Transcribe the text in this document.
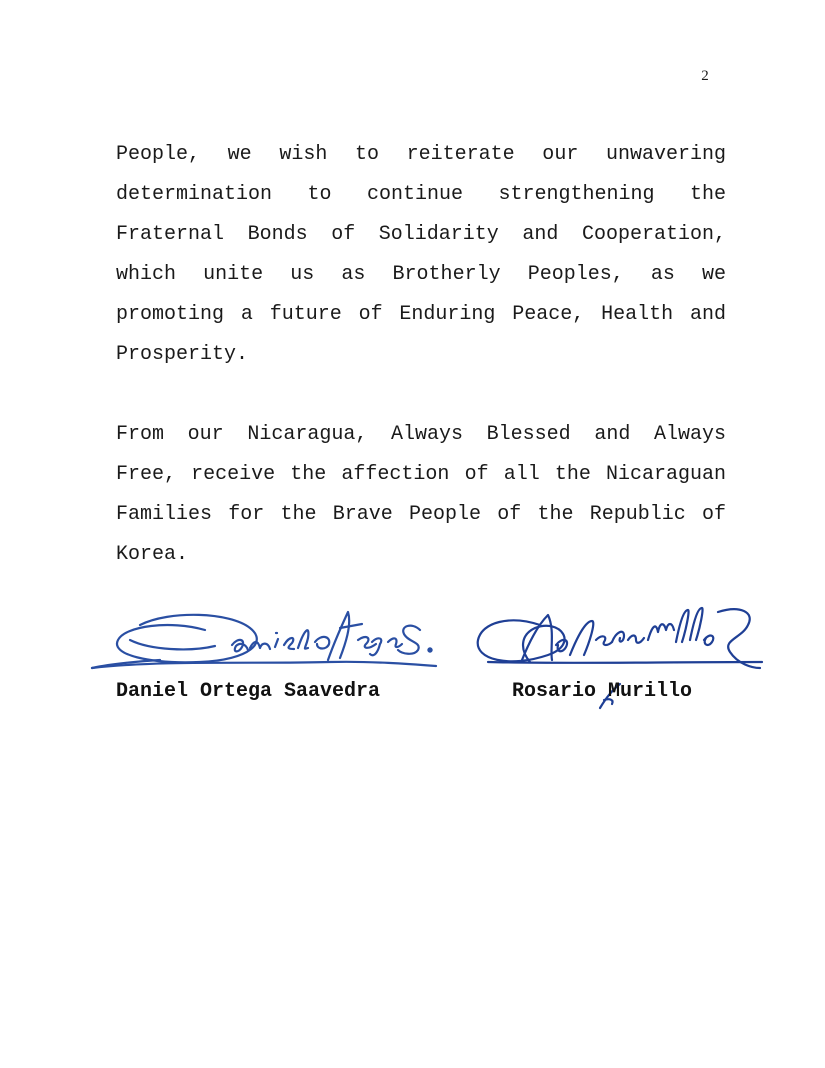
2

People, we wish to reiterate our unwavering determination to continue strengthening the Fraternal Bonds of Solidarity and Cooperation, which unite us as Brotherly Peoples, as we promoting a future of Enduring Peace, Health and Prosperity.

From our Nicaragua, Always Blessed and Always Free, receive the affection of all the Nicaraguan Families for the Brave People of the Republic of Korea.

Daniel Ortega Saavedra	Rosario Murillo
